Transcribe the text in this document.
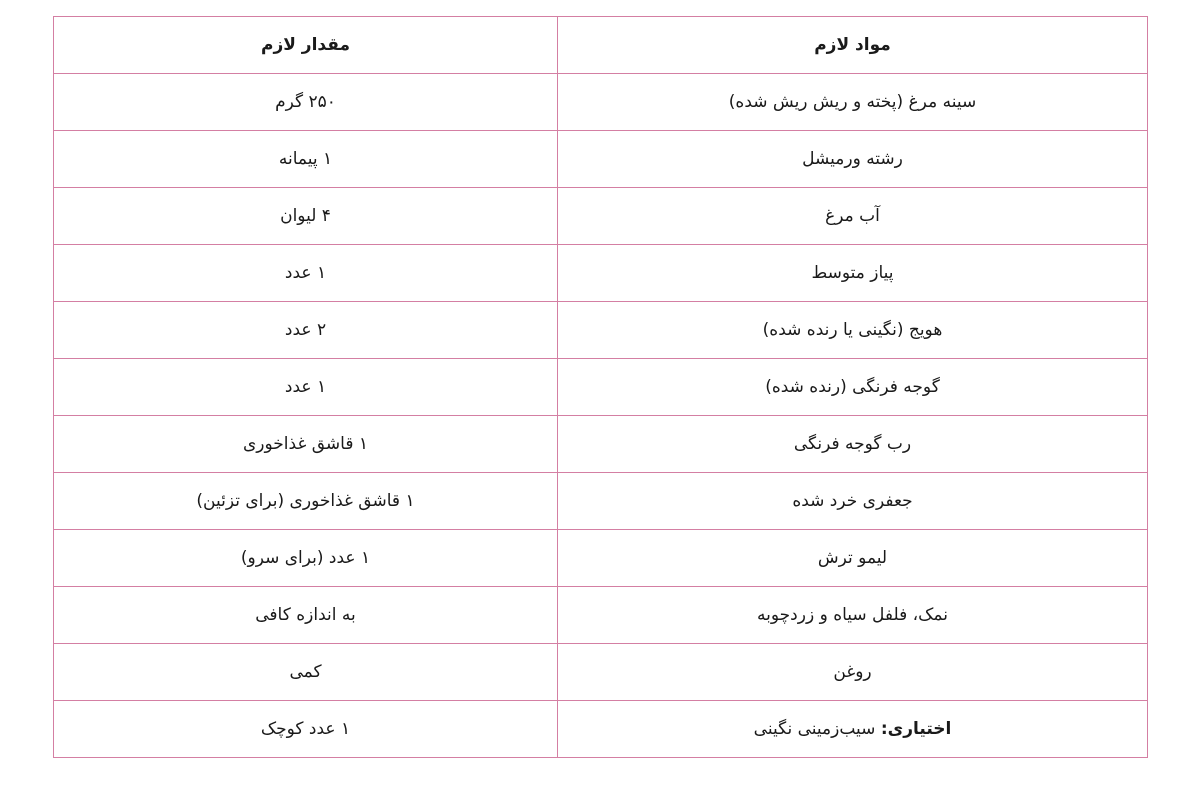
مواد لازم	مقدار لازم
سینه مرغ (پخته و ریش ریش شده)	۲۵۰ گرم
رشته ورمیشل	۱ پیمانه
آب مرغ	۴ لیوان
پیاز متوسط	۱ عدد
هویج (نگینی یا رنده شده)	۲ عدد
گوجه فرنگی (رنده شده)	۱ عدد
رب گوجه فرنگی	۱ قاشق غذاخوری
جعفری خرد شده	۱ قاشق غذاخوری (برای تزئین)
لیمو ترش	۱ عدد (برای سرو)
نمک، فلفل سیاه و زردچوبه	به اندازه کافی
روغن	کمی
اختیاری: سیب‌زمینی نگینی	۱ عدد کوچک
